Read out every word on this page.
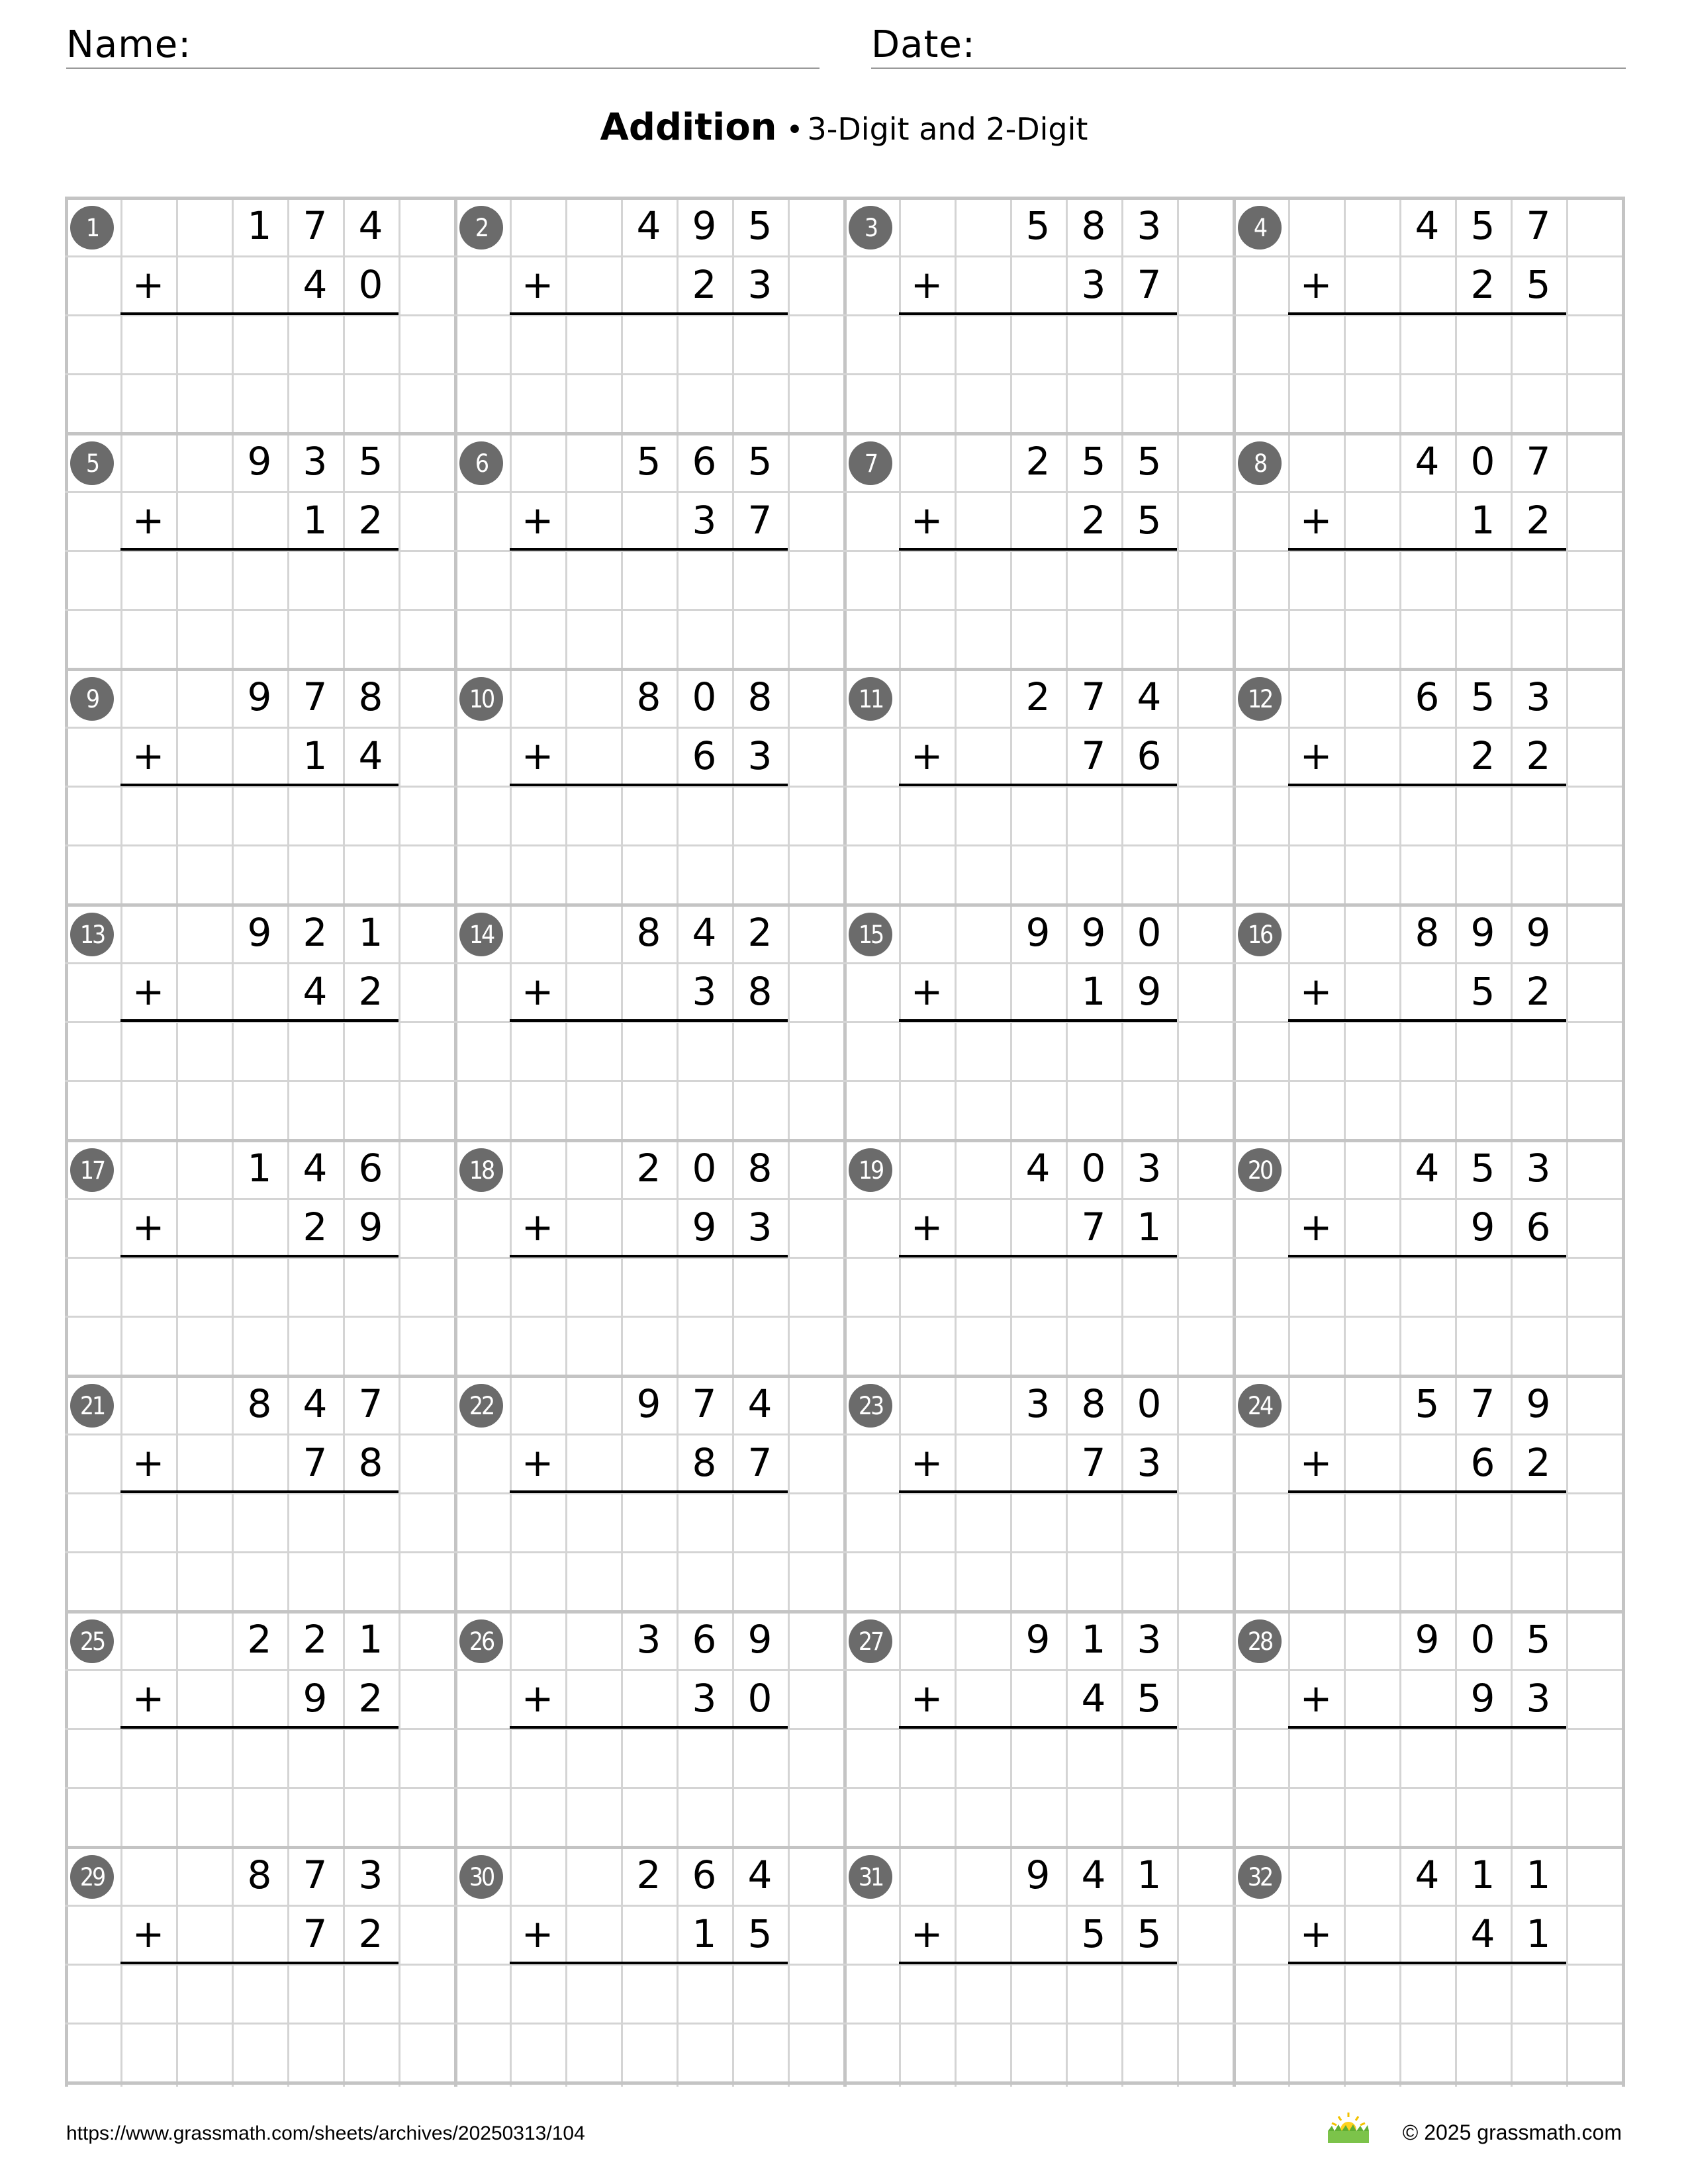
Name:	Date:
Addition • 3-Digit and 2-Digit
1	1 7 4
+	4 0
2	4 9 5
+	2 3
3	5 8 3
+	3 7
4	4 5 7
+	2 5
5	9 3 5
+	1 2
6	5 6 5
+	3 7
7	2 5 5
+	2 5
8	4 0 7
+	1 2
9	9 7 8
+	1 4
10	8 0 8
+	6 3
11	2 7 4
+	7 6
12	6 5 3
+	2 2
13	9 2 1
+	4 2
14	8 4 2
+	3 8
15	9 9 0
+	1 9
16	8 9 9
+	5 2
17	1 4 6
+	2 9
18	2 0 8
+	9 3
19	4 0 3
+	7 1
20	4 5 3
+	9 6
21	8 4 7
+	7 8
22	9 7 4
+	8 7
23	3 8 0
+	7 3
24	5 7 9
+	6 2
25	2 2 1
+	9 2
26	3 6 9
+	3 0
27	9 1 3
+	4 5
28	9 0 5
+	9 3
29	8 7 3
+	7 2
30	2 6 4
+	1 5
31	9 4 1
+	5 5
32	4 1 1
+	4 1
https://www.grassmath.com/sheets/archives/20250313/104	© 2025 grassmath.com
